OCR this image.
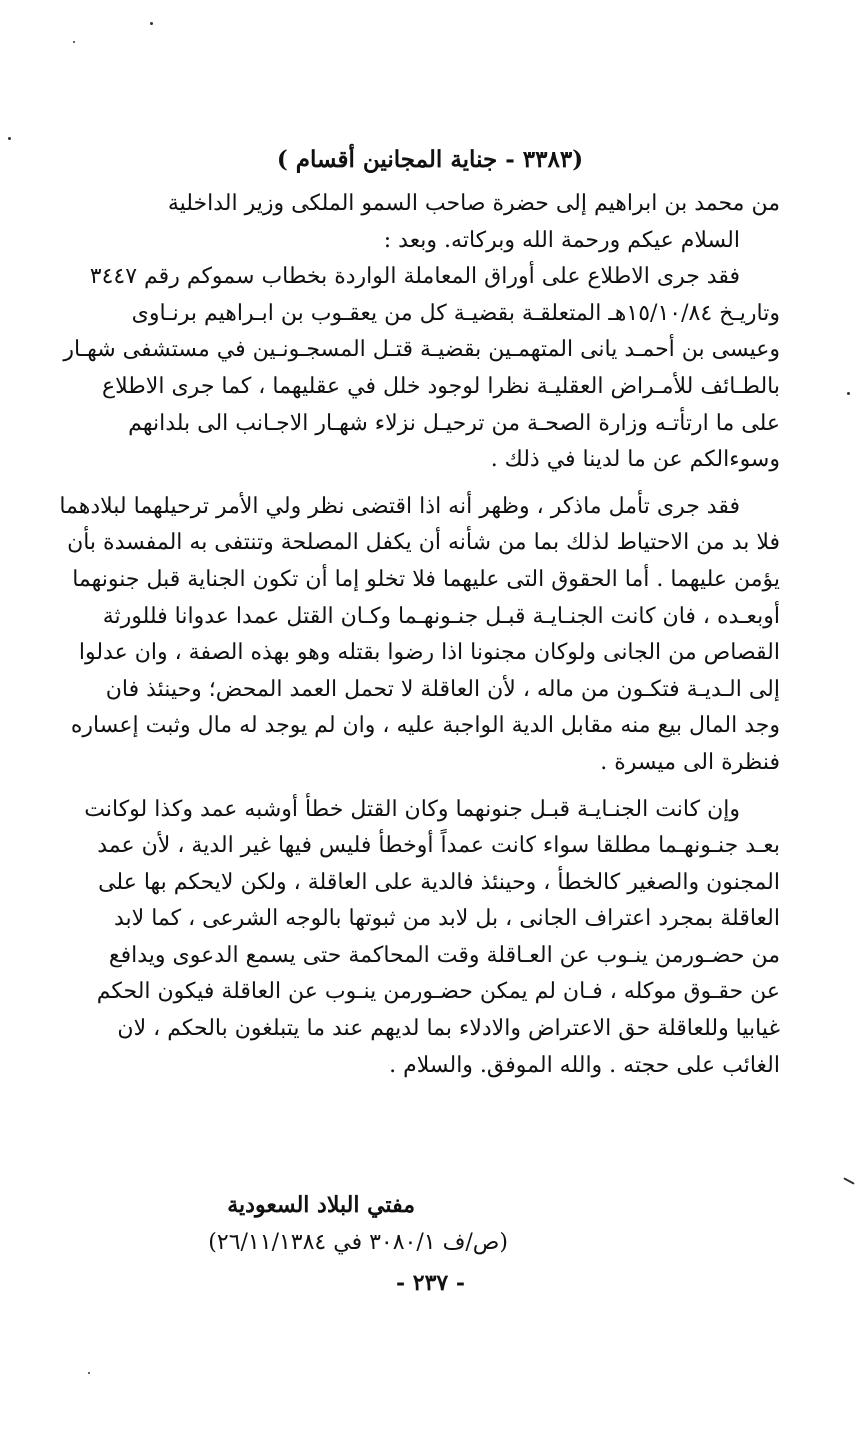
(٣٣٨٣ - جناية المجانين أقسام )
من محمد بن ابراهيم إلى حضرة صاحب السمو الملكى وزير الداخلية
السلام عيكم ورحمة الله وبركاته. وبعد :
فقد جرى الاطلاع على أوراق المعاملة الواردة بخطاب سموكم رقم ٣٤٤٧
وتاريـخ ١٥/١٠/٨٤هـ المتعلقـة بقضيـة كل من يعقـوب بن ابـراهيم برنـاوى
وعيسى بن أحمـد يانى المتهمـين بقضيـة قتـل المسجـونـين في مستشفى شهـار
بالطـائف للأمـراض العقليـة نظرا لوجود خلل في عقليهما ، كما جرى الاطلاع
على ما ارتأتـه وزارة الصحـة من ترحيـل نزلاء شهـار الاجـانب الى بلدانهم
وسوءالكم عن ما لدينا في ذلك .
فقد جرى تأمل ماذكر ، وظهر أنه اذا اقتضى نظر ولي الأمر ترحيلهما لبلادهما
فلا بد من الاحتياط لذلك بما من شأنه أن يكفل المصلحة وتنتفى به المفسدة بأن
يؤمن عليهما . أما الحقوق التى عليهما فلا تخلو إما أن تكون الجناية قبل جنونهما
أوبعـده ، فان كانت الجنـايـة قبـل جنـونهـما وكـان القتل عمدا عدوانا فللورثة
القصاص من الجانى ولوكان مجنونا اذا رضوا بقتله وهو بهذه الصفة ، وان عدلوا
إلى الـديـة فتكـون من ماله ، لأن العاقلة لا تحمل العمد المحض؛ وحينئذ فان
وجد المال بيع منه مقابل الدية الواجبة عليه ، وان لم يوجد له مال وثبت إعساره
فنظرة الى ميسرة .
وإن كانت الجنـايـة قبـل جنونهما وكان القتل خطأ أوشبه عمد وكذا لوكانت
بعـد جنـونهـما مطلقا سواء كانت عمداً أوخطأ فليس فيها غير الدية ، لأن عمد
المجنون والصغير كالخطأ ، وحينئذ فالدية على العاقلة ، ولكن لايحكم بها على
العاقلة بمجرد اعتراف الجانى ، بل لابد من ثبوتها بالوجه الشرعى ، كما لابد
من حضـورمن ينـوب عن العـاقلة وقت المحاكمة حتى يسمع الدعوى ويدافع
عن حقـوق موكله ، فـان لم يمكن حضـورمن ينـوب عن العاقلة فيكون الحكم
غيابيا وللعاقلة حق الاعتراض والادلاء بما لديهم عند ما يتبلغون بالحكم ، لان
الغائب على حجته . والله الموفق. والسلام .
مفتي البلاد السعودية
(ص/ف ٣٠٨٠/١ في ٢٦/١١/١٣٨٤)
- ٢٣٧ -
